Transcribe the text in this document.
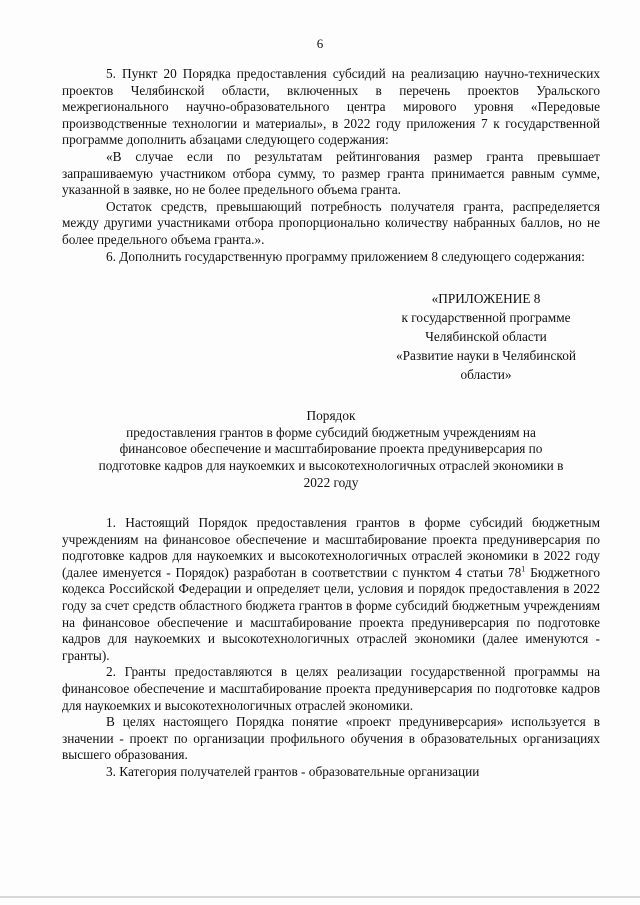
6

5. Пункт 20 Порядка предоставления субсидий на реализацию научно-технических проектов Челябинской области, включенных в перечень проектов Уральского межрегионального научно-образовательного центра мирового уровня «Передовые производственные технологии и материалы», в 2022 году приложения 7 к государственной программе дополнить абзацами следующего содержания:

«В случае если по результатам рейтингования размер гранта превышает запрашиваемую участником отбора сумму, то размер гранта принимается равным сумме, указанной в заявке, но не более предельного объема гранта.

Остаток средств, превышающий потребность получателя гранта, распределяется между другими участниками отбора пропорционально количеству набранных баллов, но не более предельного объема гранта.».

6. Дополнить государственную программу приложением 8 следующего содержания:

«ПРИЛОЖЕНИЕ 8
к государственной программе
Челябинской области
«Развитие науки в Челябинской
области»
Порядок
предоставления грантов в форме субсидий бюджетным учреждениям на
финансовое обеспечение и масштабирование проекта предуниверсария по
подготовке кадров для наукоемких и высокотехнологичных отраслей экономики в
2022 году

1. Настоящий Порядок предоставления грантов в форме субсидий бюджетным учреждениям на финансовое обеспечение и масштабирование проекта предуниверсария по подготовке кадров для наукоемких и высокотехнологичных отраслей экономики в 2022 году (далее именуется - Порядок) разработан в соответствии с пунктом 4 статьи $78^1$ Бюджетного кодекса Российской Федерации и определяет цели, условия и порядок предоставления в 2022 году за счет средств областного бюджета грантов в форме субсидий бюджетным учреждениям на финансовое обеспечение и масштабирование проекта предуниверсария по подготовке кадров для наукоемких и высокотехнологичных отраслей экономики (далее именуются - гранты).

2. Гранты предоставляются в целях реализации государственной программы на финансовое обеспечение и масштабирование проекта предуниверсария по подготовке кадров для наукоемких и высокотехнологичных отраслей экономики.

В целях настоящего Порядка понятие «проект предуниверсария» используется в значении - проект по организации профильного обучения в образовательных организациях высшего образования.

3. Категория получателей грантов - образовательные организации
